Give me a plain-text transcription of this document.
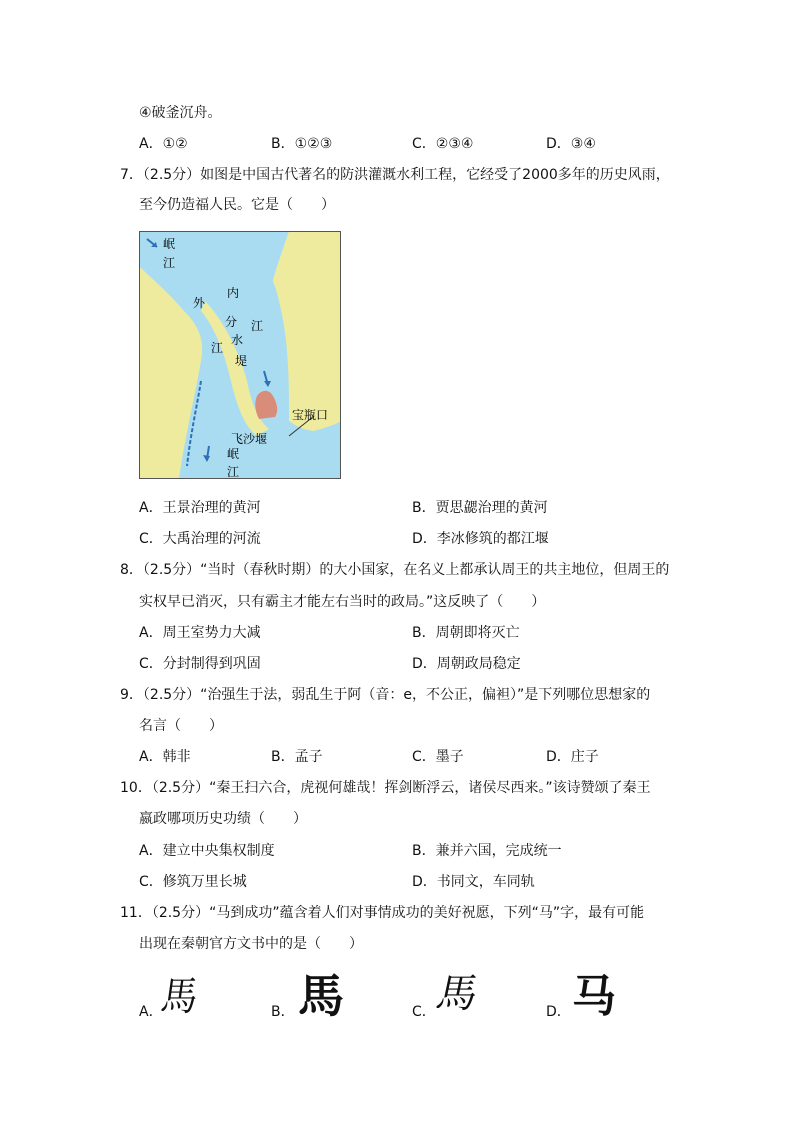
④破釜沉舟。
A．①②	B．①②③	C．②③④	D．③④
7．（2.5分）如图是中国古代著名的防洪灌溉水利工程，它经受了2000多年的历史风雨，
至今仍造福人民。它是（　　）
岷
江
内
外
分 江
水
江
堤
宝瓶口
飞沙堰
岷
江
A．王景治理的黄河	B．贾思勰治理的黄河
C．大禹治理的河流	D．李冰修筑的都江堰
8．（2.5分）“当时（春秋时期）的大小国家，在名义上都承认周王的共主地位，但周王的
实权早已消灭，只有霸主才能左右当时的政局。”这反映了（　　）
A．周王室势力大减	B．周朝即将灭亡
C．分封制得到巩固	D．周朝政局稳定
9．（2.5分）“治强生于法，弱乱生于阿（音：e，不公正，偏袒）”是下列哪位思想家的
名言（　　）
A．韩非	B．孟子	C．墨子	D．庄子
10．（2.5分）“秦王扫六合，虎视何雄哉！挥剑断浮云，诸侯尽西来。”该诗赞颂了秦王
嬴政哪项历史功绩（　　）
A．建立中央集权制度	B．兼并六国，完成统一
C．修筑万里长城	D．书同文，车同轨
11．（2.5分）“马到成功”蕴含着人们对事情成功的美好祝愿，下列“马”字，最有可能
出现在秦朝官方文书中的是（　　）
A．
馬	B． 馬	C．
馬	D． 马
